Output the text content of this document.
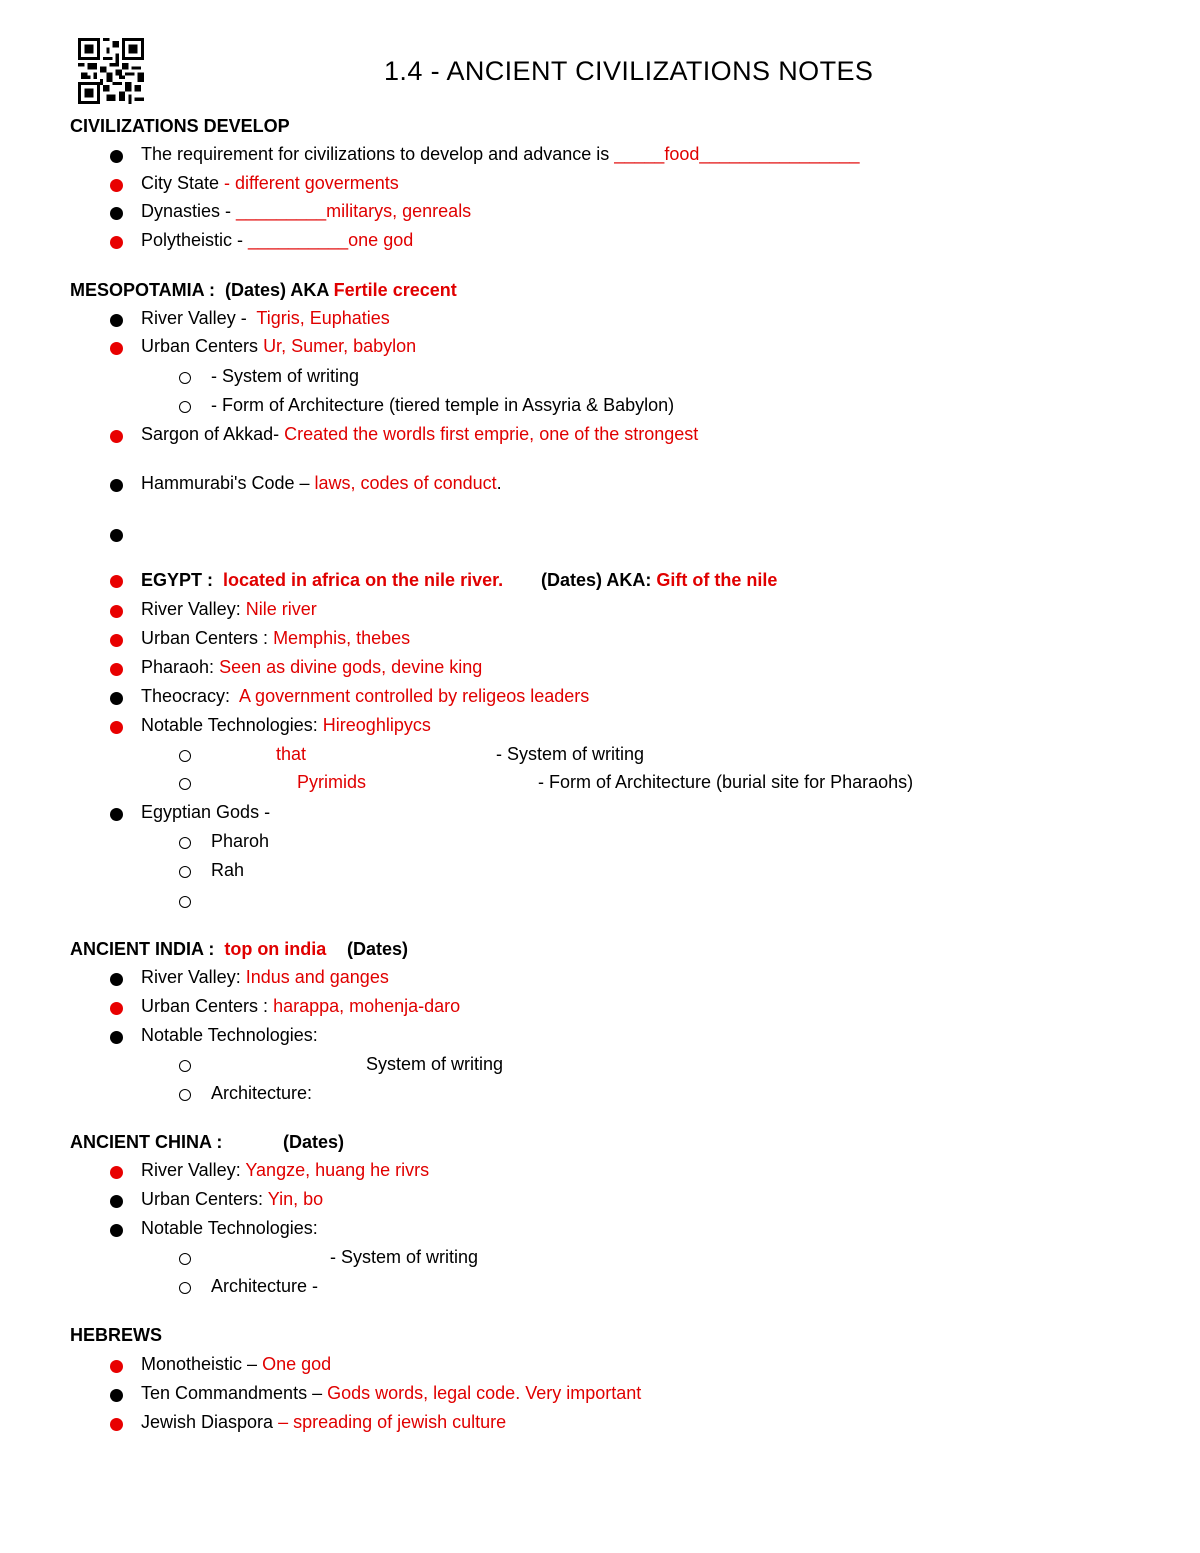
1.4 - ANCIENT CIVILIZATIONS NOTES
CIVILIZATIONS DEVELOP
The requirement for civilizations to develop and advance is _____food________________
City State - different goverments
Dynasties - _________militarys, genreals
Polytheistic - __________one god
MESOPOTAMIA :  (Dates) AKA Fertile crecent
River Valley -  Tigris, Euphaties
Urban Centers Ur, Sumer, babylon
- System of writing
- Form of Architecture (tiered temple in Assyria & Babylon)
Sargon of Akkad- Created the wordls first emprie, one of the strongest
Hammurabi's Code – laws, codes of conduct.
EGYPT :  located in africa on the nile river. (Dates) AKA: Gift of the nile
River Valley: Nile river
Urban Centers : Memphis, thebes
Pharaoh: Seen as divine gods, devine king
Theocracy:  A government controlled by religeos leaders
Notable Technologies: Hireoghlipycs
that	- System of writing
Pyrimids	- Form of Architecture (burial site for Pharaohs)
Egyptian Gods -
Pharoh
Rah
ANCIENT INDIA :  top on india (Dates)
River Valley: Indus and ganges
Urban Centers : harappa, mohenja-daro
Notable Technologies:
System of writing
Architecture:
ANCIENT CHINA :	(Dates)
River Valley: Yangze, huang he rivrs
Urban Centers: Yin, bo
Notable Technologies:
- System of writing
Architecture -
HEBREWS
Monotheistic – One god
Ten Commandments – Gods words, legal code. Very important
Jewish Diaspora – spreading of jewish culture
